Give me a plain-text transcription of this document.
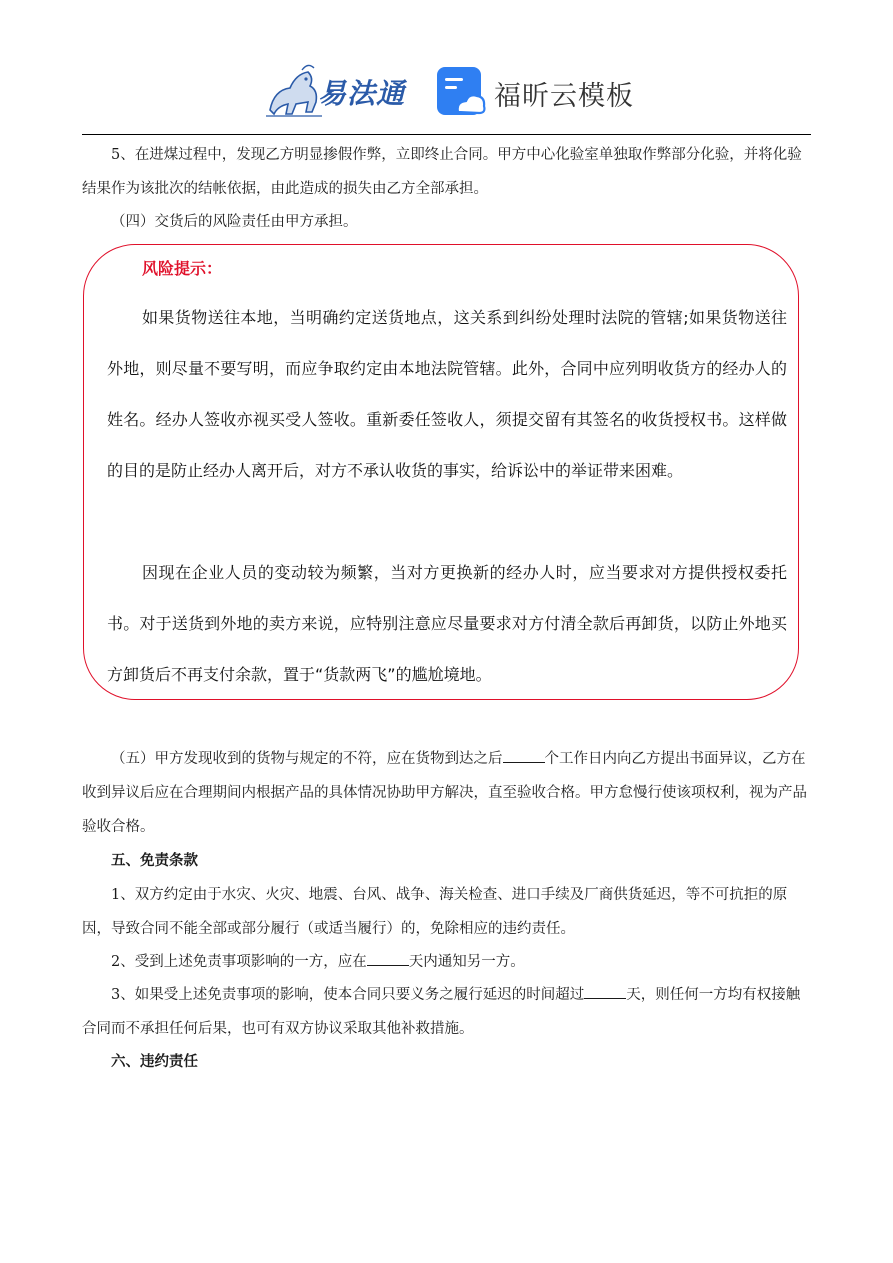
易法通	福昕云模板
5、在进煤过程中，发现乙方明显掺假作弊，立即终止合同。甲方中心化验室单独取作弊部分化验，并将化验结果作为该批次的结帐依据，由此造成的损失由乙方全部承担。
（四）交货后的风险责任由甲方承担。
风险提示：
如果货物送往本地，当明确约定送货地点，这关系到纠纷处理时法院的管辖;如果货物送往外地，则尽量不要写明，而应争取约定由本地法院管辖。此外，合同中应列明收货方的经办人的姓名。经办人签收亦视买受人签收。重新委任签收人，须提交留有其签名的收货授权书。这样做的目的是防止经办人离开后，对方不承认收货的事实，给诉讼中的举证带来困难。
因现在企业人员的变动较为频繁，当对方更换新的经办人时，应当要求对方提供授权委托书。对于送货到外地的卖方来说，应特别注意应尽量要求对方付清全款后再卸货，以防止外地买方卸货后不再支付余款，置于“货款两飞”的尴尬境地。
（五）甲方发现收到的货物与规定的不符，应在货物到达之后	个工作日内向乙方提出书面异议，乙方在收到异议后应在合理期间内根据产品的具体情况协助甲方解决，直至验收合格。甲方怠慢行使该项权利，视为产品验收合格。
五、免责条款
1、双方约定由于水灾、火灾、地震、台风、战争、海关检查、进口手续及厂商供货延迟，等不可抗拒的原因，导致合同不能全部或部分履行（或适当履行）的，免除相应的违约责任。
2、受到上述免责事项影响的一方，应在	天内通知另一方。
3、如果受上述免责事项的影响，使本合同只要义务之履行延迟的时间超过	天，则任何一方均有权接触合同而不承担任何后果，也可有双方协议采取其他补救措施。
六、违约责任
